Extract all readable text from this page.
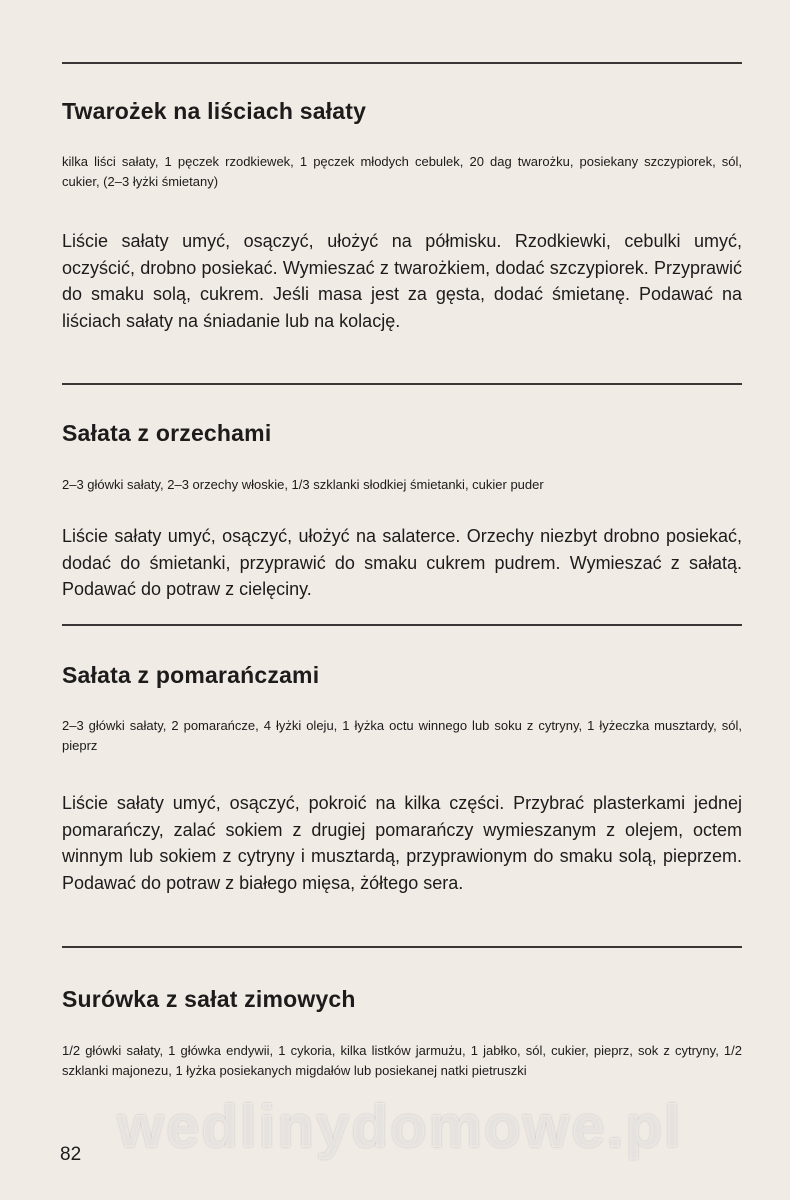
Twarożek na liściach sałaty

kilka liści sałaty, 1 pęczek rzodkiewek, 1 pęczek młodych cebulek, 20 dag twarożku, posiekany szczypiorek, sól, cukier, (2–3 łyżki śmietany)

Liście sałaty umyć, osączyć, ułożyć na półmisku. Rzodkiewki, cebulki umyć, oczyścić, drobno posiekać. Wymieszać z twarożkiem, dodać szczypiorek. Przyprawić do smaku solą, cukrem. Jeśli masa jest za gęsta, dodać śmietanę. Podawać na liściach sałaty na śniadanie lub na kolację.

Sałata z orzechami

2–3 główki sałaty, 2–3 orzechy włoskie, 1/3 szklanki słodkiej śmietanki, cukier puder

Liście sałaty umyć, osączyć, ułożyć na salaterce. Orzechy niezbyt drobno posiekać, dodać do śmietanki, przyprawić do smaku cukrem pudrem. Wymieszać z sałatą. Podawać do potraw z cielęciny.

Sałata z pomarańczami

2–3 główki sałaty, 2 pomarańcze, 4 łyżki oleju, 1 łyżka octu winnego lub soku z cytryny, 1 łyżeczka musztardy, sól, pieprz

Liście sałaty umyć, osączyć, pokroić na kilka części. Przybrać plasterkami jednej pomarańczy, zalać sokiem z drugiej pomarańczy wymieszanym z olejem, octem winnym lub sokiem z cytryny i musztardą, przyprawionym do smaku solą, pieprzem. Podawać do potraw z białego mięsa, żółtego sera.

Surówka z sałat zimowych

1/2 główki sałaty, 1 główka endywii, 1 cykoria, kilka listków jarmużu, 1 jabłko, sól, cukier, pieprz, sok z cytryny, 1/2 szklanki majonezu, 1 łyżka posiekanych migdałów lub posiekanej natki pietruszki

wedlinydomowe.pl

82
